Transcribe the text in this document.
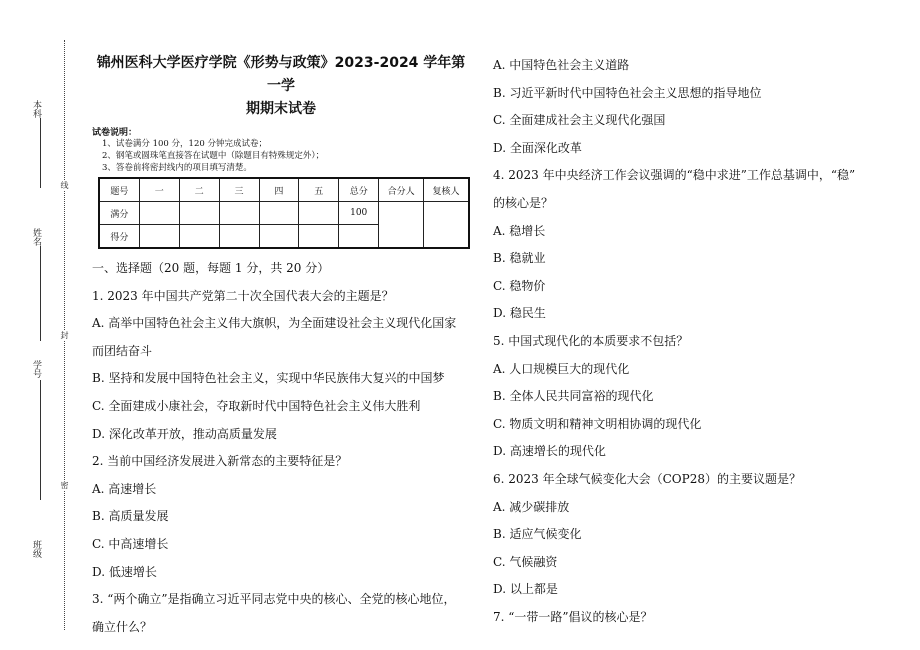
本科
姓名
学号
班级
线
封
密
锦州医科大学医疗学院《形势与政策》2023-2024 学年第一学
期期末试卷
试卷说明：
1、试卷满分 100 分，120 分钟完成试卷；
2、钢笔或圆珠笔直接答在试题中（除题目有特殊规定外）；
3、答卷前将密封线内的项目填写清楚。
题号	一	二	三	四	五	总分	合分人	复核人
满分						100		
得分								
一、选择题（20 题，每题 1 分，共 20 分）
1. 2023 年中国共产党第二十次全国代表大会的主题是？
A. 高举中国特色社会主义伟大旗帜，为全面建设社会主义现代化国家
而团结奋斗
B. 坚持和发展中国特色社会主义，实现中华民族伟大复兴的中国梦
C. 全面建成小康社会，夺取新时代中国特色社会主义伟大胜利
D. 深化改革开放，推动高质量发展
2. 当前中国经济发展进入新常态的主要特征是？
A. 高速增长
B. 高质量发展
C. 中高速增长
D. 低速增长
3. “两个确立”是指确立习近平同志党中央的核心、全党的核心地位，
确立什么？
A. 中国特色社会主义道路
B. 习近平新时代中国特色社会主义思想的指导地位
C. 全面建成社会主义现代化强国
D. 全面深化改革
4. 2023 年中央经济工作会议强调的“稳中求进”工作总基调中，“稳”
的核心是？
A. 稳增长
B. 稳就业
C. 稳物价
D. 稳民生
5. 中国式现代化的本质要求不包括？
A. 人口规模巨大的现代化
B. 全体人民共同富裕的现代化
C. 物质文明和精神文明相协调的现代化
D. 高速增长的现代化
6. 2023 年全球气候变化大会（COP28）的主要议题是？
A. 减少碳排放
B. 适应气候变化
C. 气候融资
D. 以上都是
7. “一带一路”倡议的核心是？
